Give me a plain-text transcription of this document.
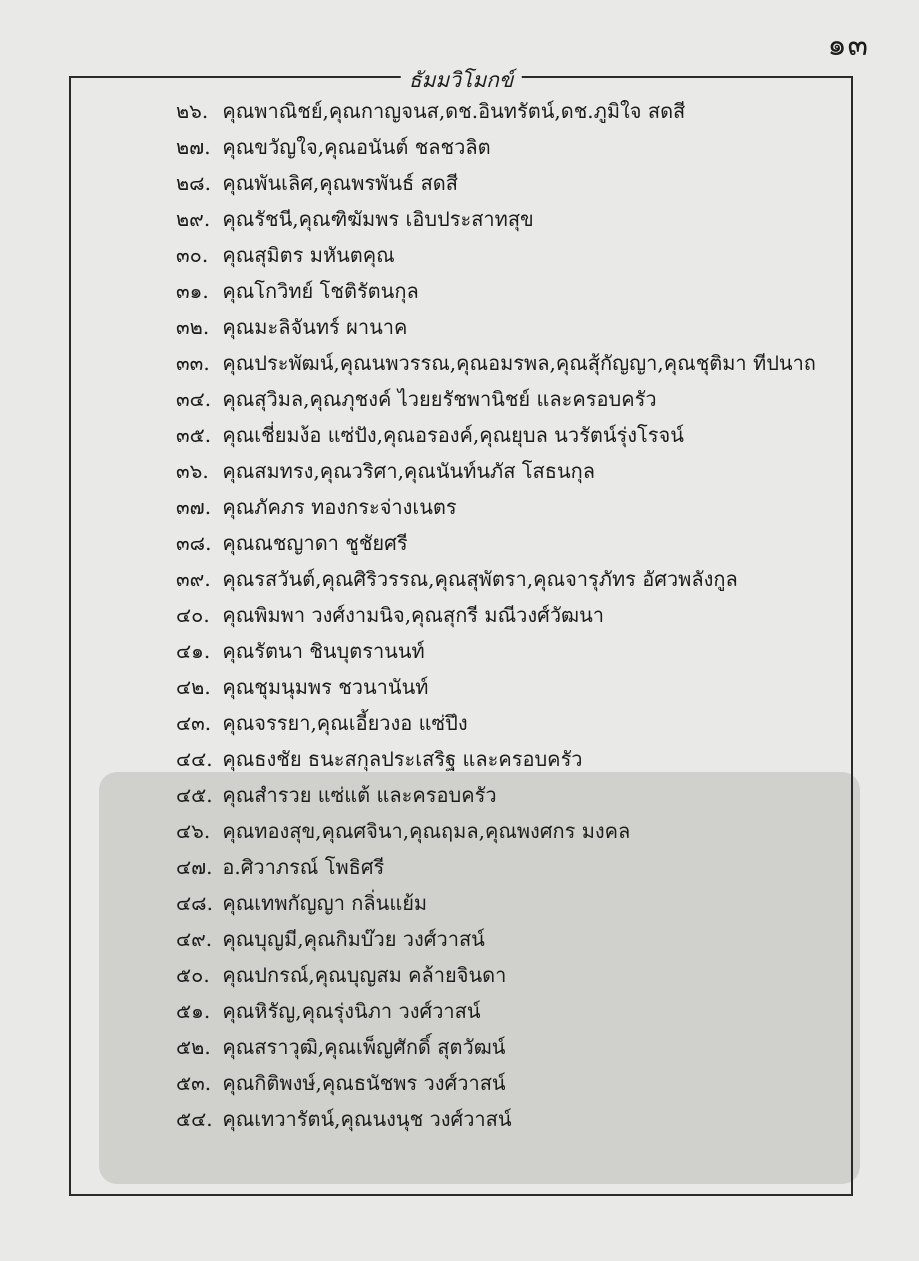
๑๓
ธัมมวิโมกข์
๒๖. คุณพาณิชย์,คุณกาญจนส,ดช.อินทรัตน์,ดช.ภูมิใจ สดสี
๒๗. คุณขวัญใจ,คุณอนันต์ ชลชวลิต
๒๘. คุณพันเลิศ,คุณพรพันธ์ สดสี
๒๙. คุณรัชนี,คุณฑิฆัมพร เอิบประสาทสุข
๓๐. คุณสุมิตร มหันตคุณ
๓๑. คุณโกวิทย์ โชติรัตนกุล
๓๒. คุณมะลิจันทร์ ผานาค
๓๓. คุณประพัฒน์,คุณนพวรรณ,คุณอมรพล,คุณสุ้กัญญา,คุณชุติมา ทีปนาถ
๓๔. คุณสุวิมล,คุณภุชงค์ ไวยยรัชพานิชย์ และครอบครัว
๓๕. คุณเชี่ยมง้อ แซ่ปัง,คุณอรองค์,คุณยุบล นวรัตน์รุ่งโรจน์
๓๖. คุณสมทรง,คุณวริศา,คุณนันท์นภัส โสธนกุล
๓๗. คุณภัคภร ทองกระจ่างเนตร
๓๘. คุณณชญาดา ชูชัยศรี
๓๙. คุณรสวันต์,คุณศิริวรรณ,คุณสุพัตรา,คุณจารุภัทร อัศวพลังกูล
๔๐. คุณพิมพา วงศ์งามนิจ,คุณสุกรี มณีวงศ์วัฒนา
๔๑. คุณรัตนา ชินบุตรานนท์
๔๒. คุณชุมนุมพร ชวนานันท์
๔๓. คุณจรรยา,คุณเอี้ยวงอ แซ่ปึง
๔๔. คุณธงชัย ธนะสกุลประเสริฐ และครอบครัว
๔๕. คุณสำรวย แซ่แต้ และครอบครัว
๔๖. คุณทองสุข,คุณศจินา,คุณฤมล,คุณพงศกร มงคล
๔๗. อ.ศิวาภรณ์ โพธิศรี
๔๘. คุณเทพกัญญา กลิ่นแย้ม
๔๙. คุณบุญมี,คุณกิมบ๊วย วงศ์วาสน์
๕๐. คุณปกรณ์,คุณบุญสม คล้ายจินดา
๕๑. คุณหิรัญ,คุณรุ่งนิภา วงศ์วาสน์
๕๒. คุณสราวุฒิ,คุณเพ็ญศักดิ์ สุตวัฒน์
๕๓. คุณกิติพงษ์,คุณธนัชพร วงศ์วาสน์
๕๔. คุณเทวารัตน์,คุณนงนุช วงศ์วาสน์
